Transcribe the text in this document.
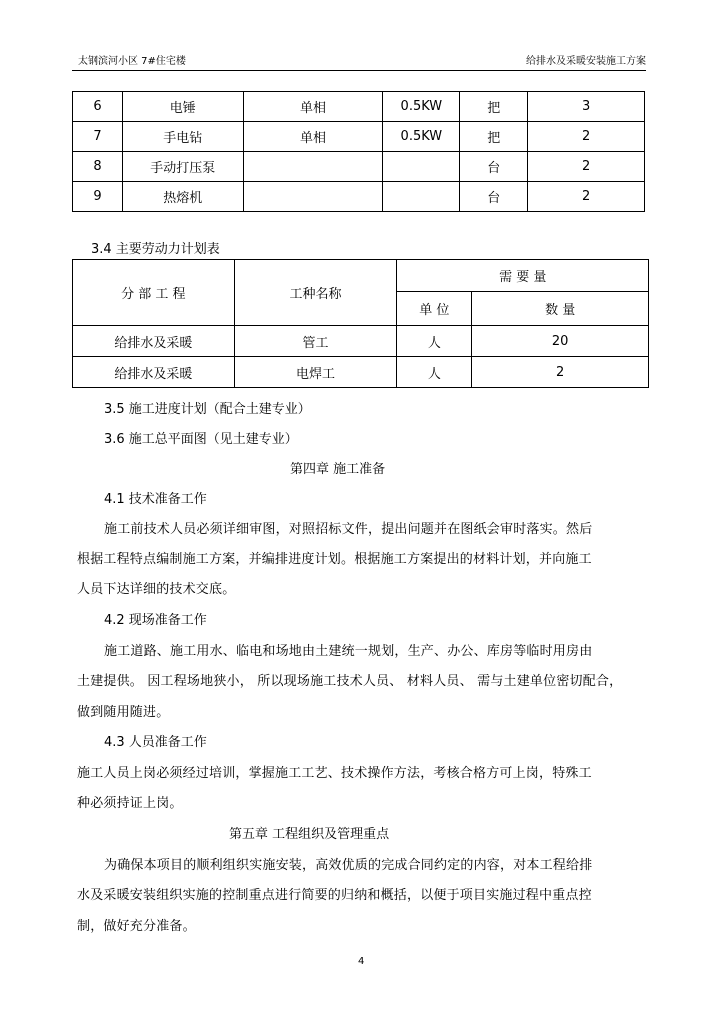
太钢滨河小区 7#住宅楼	给排水及采暖安装施工方案
6	电锤	单相	0.5KW	把	3
7	手电钻	单相	0.5KW	把	2
8	手动打压泵			台	2
9	热熔机			台	2
3.4 主要劳动力计划表
分 部 工 程	工种名称	需 要 量	
		单 位	数 量
给排水及采暖	管工	人	20
给排水及采暖	电焊工	人	2
3.5 施工进度计划（配合土建专业）
3.6 施工总平面图（见土建专业）
第四章 施工准备
4.1 技术准备工作
施工前技术人员必须详细审图，对照招标文件，提出问题并在图纸会审时落实。然后
根据工程特点编制施工方案，并编排进度计划。根据施工方案提出的材料计划，并向施工
人员下达详细的技术交底。
4.2 现场准备工作
施工道路、施工用水、临电和场地由土建统一规划，生产、办公、库房等临时用房由
土建提供。 因工程场地狭小， 所以现场施工技术人员、 材料人员、 需与土建单位密切配合，
做到随用随进。
4.3 人员准备工作
施工人员上岗必须经过培训，掌握施工工艺、技术操作方法，考核合格方可上岗，特殊工
种必须持证上岗。
第五章 工程组织及管理重点
为确保本项目的顺利组织实施安装，高效优质的完成合同约定的内容，对本工程给排
水及采暖安装组织实施的控制重点进行简要的归纳和概括，以便于项目实施过程中重点控
制，做好充分准备。
4
